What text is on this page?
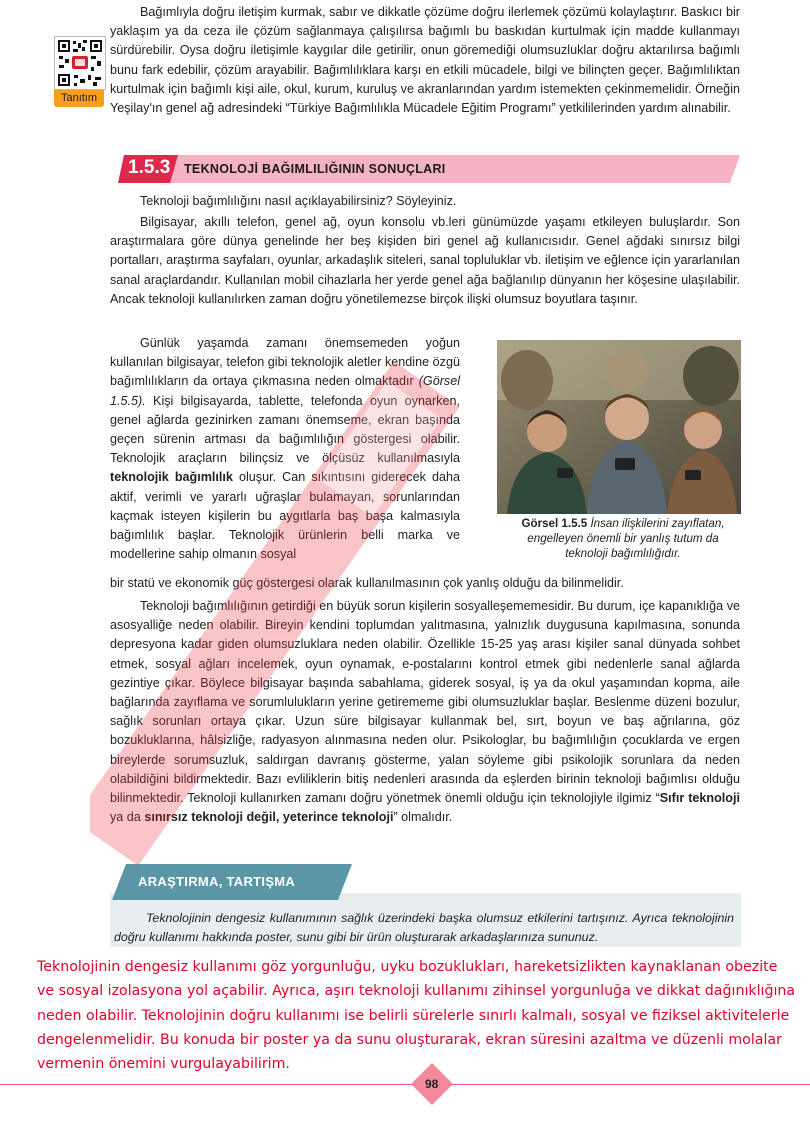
Tanıtım

Bağımlıyla doğru iletişim kurmak, sabır ve dikkatle çözüme doğru ilerlemek çözümü kolaylaştırır. Baskıcı bir yaklaşım ya da ceza ile çözüm sağlanmaya çalışılırsa bağımlı bu baskıdan kurtulmak için madde kullanmayı sürdürebilir. Oysa doğru iletişimle kaygılar dile getirilir, onun göremediği olumsuzluklar doğru aktarılırsa bağımlı bunu fark edebilir, çözüm arayabilir. Bağımlılıklara karşı en etkili mücadele, bilgi ve bilinçten geçer. Bağımlılıktan kurtulmak için bağımlı kişi aile, okul, kurum, kuruluş ve akranlarından yardım istemekten çekinmemelidir. Örneğin Yeşilay'ın genel ağ adresindeki “Türkiye Bağımlılıkla Mücadele Eğitim Programı” yetkililerinden yardım alınabilir.

1.5.3 TEKNOLOJİ BAĞIMLILIĞININ SONUÇLARI

Teknoloji bağımlılığını nasıl açıklayabilirsiniz? Söyleyiniz.

Bilgisayar, akıllı telefon, genel ağ, oyun konsolu vb.leri günümüzde yaşamı etkileyen buluşlardır. Son araştırmalara göre dünya genelinde her beş kişiden biri genel ağ kullanıcısıdır. Genel ağdaki sınırsız bilgi portalları, araştırma sayfaları, oyunlar, arkadaşlık siteleri, sanal topluluklar vb. iletişim ve eğlence için yararlanılan sanal araçlardandır. Kullanılan mobil cihazlarla her yerde genel ağa bağlanılıp dünyanın her köşesine ulaşılabilir. Ancak teknoloji kullanılırken zaman doğru yönetilemezse birçok ilişki olumsuz boyutlara taşınır.

Günlük yaşamda zamanı önemsemeden yoğun kullanılan bilgisayar, telefon gibi teknolojik aletler kendine özgü bağımlılıkların da ortaya çıkmasına neden olmaktadır (Görsel 1.5.5). Kişi bilgisayarda, tablette, telefonda oyun oynarken, genel ağlarda gezinirken zamanı önemseme, ekran başında geçen sürenin artması da bağımlılığın göstergesi olabilir. Teknolojik araçların bilinçsiz ve ölçüsüz kullanılmasıyla teknolojik bağımlılık oluşur. Can sıkıntısını giderecek daha aktif, verimli ve yararlı uğraşlar bulamayan, sorunlarından kaçmak isteyen kişilerin bu aygıtlarla baş başa kalmasıyla bağımlılık başlar. Teknolojik ürünlerin belli marka ve modellerine sahip olmanın sosyal

bir statü ve ekonomik güç göstergesi olarak kullanılmasının çok yanlış olduğu da bilinmelidir.

Görsel 1.5.5 İnsan ilişkilerini zayıflatan, engelleyen önemli bir yanlış tutum da teknoloji bağımlılığıdır.

Teknoloji bağımlılığının getirdiği en büyük sorun kişilerin sosyalleşememesidir. Bu durum, içe kapanıklığa ve asosyalliğe neden olabilir. Bireyin kendini toplumdan yalıtmasına, yalnızlık duygusuna kapılmasına, sonunda depresyona kadar giden olumsuzluklara neden olabilir. Özellikle 15-25 yaş arası kişiler sanal dünyada sohbet etmek, sosyal ağları incelemek, oyun oynamak, e-postalarını kontrol etmek gibi nedenlerle sanal ağlarda gezintiye çıkar. Böylece bilgisayar başında sabahlama, giderek sosyal, iş ya da okul yaşamından kopma, aile bağlarında zayıflama ve sorumlulukların yerine getirememe gibi olumsuzluklar başlar. Beslenme düzeni bozulur, sağlık sorunları ortaya çıkar. Uzun süre bilgisayar kullanmak bel, sırt, boyun ve baş ağrılarına, göz bozukluklarına, hâlsizliğe, radyasyon alınmasına neden olur. Psikologlar, bu bağımlılığın çocuklarda ve ergen bireylerde sorumsuzluk, saldırgan davranış gösterme, yalan söyleme gibi psikolojik sorunlara da neden olabildiğini bildirmektedir. Bazı evliliklerin bitiş nedenleri arasında da eşlerden birinin teknoloji bağımlısı olduğu bilinmektedir. Teknoloji kullanırken zamanı doğru yönetmek önemli olduğu için teknolojiyle ilgimiz “Sıfır teknoloji ya da sınırsız teknoloji değil, yeterince teknoloji” olmalıdır.

ARAŞTIRMA, TARTIŞMA

Teknolojinin dengesiz kullanımının sağlık üzerindeki başka olumsuz etkilerini tartışınız. Ayrıca teknolojinin doğru kullanımı hakkında poster, sunu gibi bir ürün oluşturarak arkadaşlarınıza sununuz.

Teknolojinin dengesiz kullanımı göz yorgunluğu, uyku bozuklukları, hareketsizlikten kaynaklanan obezite ve sosyal izolasyona yol açabilir. Ayrıca, aşırı teknoloji kullanımı zihinsel yorgunluğa ve dikkat dağınıklığına neden olabilir. Teknolojinin doğru kullanımı ise belirli sürelerle sınırlı kalmalı, sosyal ve fiziksel aktivitelerle dengelenmelidir. Bu konuda bir poster ya da sunu oluşturarak, ekran süresini azaltma ve düzenli molalar vermenin önemini vurgulayabilirim.

98
